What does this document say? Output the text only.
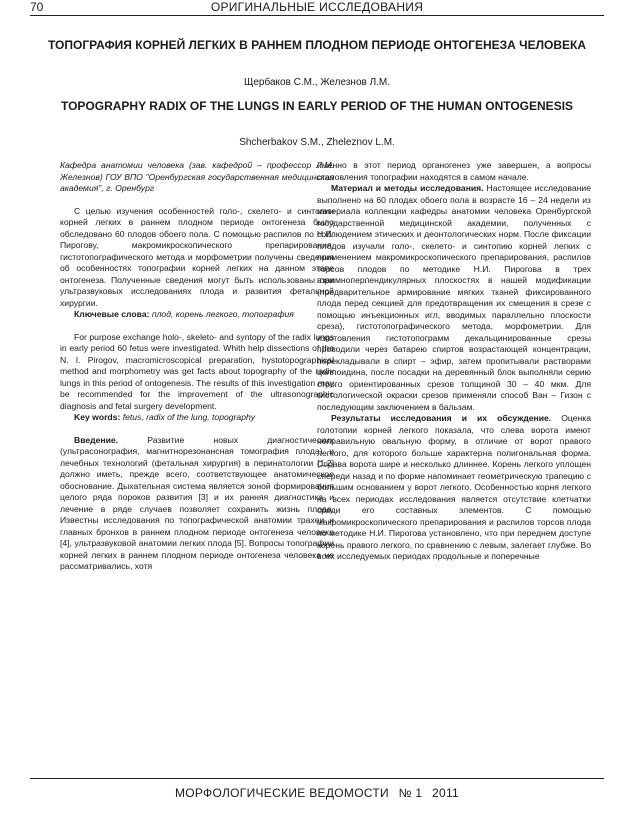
70	ОРИГИНАЛЬНЫЕ ИССЛЕДОВАНИЯ
ТОПОГРАФИЯ КОРНЕЙ ЛЕГКИХ В РАННЕМ ПЛОДНОМ ПЕРИОДЕ ОНТОГЕНЕЗА ЧЕЛОВЕКА
Щербаков С.М., Железнов Л.М.
TOPOGRAPHY RADIX OF THE LUNGS IN EARLY PERIOD OF THE HUMAN ONTOGENESIS
Shcherbakov S.M., Zheleznov L.M.

Кафедра анатомии человека (зав. кафедрой – профессор Л.М. Железнов) ГОУ ВПО "Оренбургская государственная медицинская академия", г. Оренбург

С целью изучения особенностей голо-, скелето- и синтопии корней легких в раннем плодном периоде онтогенеза было обследовано 60 плодов обоего пола. С помощью распилов по Н.И. Пирогову, макромикроскопического препарирования, гистотопографического метода и морфометрии получены сведения об особенностях топографии корней легких на данном этапе онтогенеза. Полученные сведения могут быть использованы при ультразвуковых исследованиях плода и развития фетальной хирургии.

Ключевые слова: плод, корень легкого, топография

For purpose exchange holo-, skeleto- and syntopy of the radix lungs in early period 60 fetus were investigated. Whith help dissections of the N. I. Pirogov, macromicroscopical preparation, hystotopographical method and morphometry was get facts about topography of the radix lungs in this period of ontogenesis. The results of this investigation may be recommended for the improvement of the ultrasonographic diagnosis and fetal surgery development.

Key words: fetus, radix of the lung, topography

Введение. Развитие новых диагностических (ультрасонография, магнитнорезонансная томография плода) и лечебных технологий (фетальная хирургия) в перинатологии [1,2] должно иметь, прежде всего, соответствующее анатомическое обоснование. Дыхательная система является зоной формирования целого ряда пороков развития [3] и их ранняя диагностика и лечение в ряде случаев позволяет сохранить жизнь плода. Известны исследования по топографической анатомии трахеи и главных бронхов в раннем плодном периоде онтогенеза человека [4], ультразвуковой анатомии легких плода [5]. Вопросы топографии корней легких в раннем плодном периоде онтогенеза человека не рассматривались, хотя

именно в этот период органогенез уже завершен, а вопросы становления топографии находятся в самом начале.

Материал и методы исследования. Настоящее исследование выполнено на 60 плодах обоего пола в возрасте 16 – 24 недели из материала коллекции кафедры анатомии человека Оренбургской государственной медицинской академии, полученных с соблюдением этических и деонтологических норм. После фиксации плодов изучали голо-, скелето- и синтопию корней легких с применением макромикроскопического препарирования, распилов торсов плодов по методике Н.И. Пирогова в трех взаимноперпендикулярных плоскостях в нашей модификации (предварительное армирование мягких тканей фиксированного плода перед секцией для предотвращения их смещения в срезе с помощью инъекционных игл, вводимых параллельно плоскости среза), гистотопографического метода, морфометрии. Для изготовления гистотопограмм декальцинированные срезы проводили через батарею спиртов возрастающей концентрации, перекладывали в спирт – эфир, затем пропитывали растворами целлоидина, после посадки на деревянный блок выполняли серию строго ориентированных срезов толщиной 30 – 40 мкм. Для гистологической окраски срезов применяли способ Ван – Гизон с последующим заключением в бальзам.

Результаты исследования и их обсуждение. Оценка голотопии корней легкого показала, что слева ворота имеют неправильную овальную форму, в отличие от ворот правого легкого, для которого больше характерна полигональная форма. Справа ворота шире и несколько длиннее. Корень легкого уплощен спереди назад и по форме напоминает геометрическую трапецию с большим основанием у ворот легкого. Особенностью корня легкого на всех периодах исследования является отсутствие клетчатки среди его составных элементов. С помощью макромикроскопического препарирования и распилов торсов плода по методике Н.И. Пирогова установлено, что при переднем доступе корень правого легкого, по сравнению с левым, залегает глубже. Во всех исследуемых периодах продольные и поперечные

МОРФОЛОГИЧЕСКИЕ ВЕДОМОСТИ № 1 2011
